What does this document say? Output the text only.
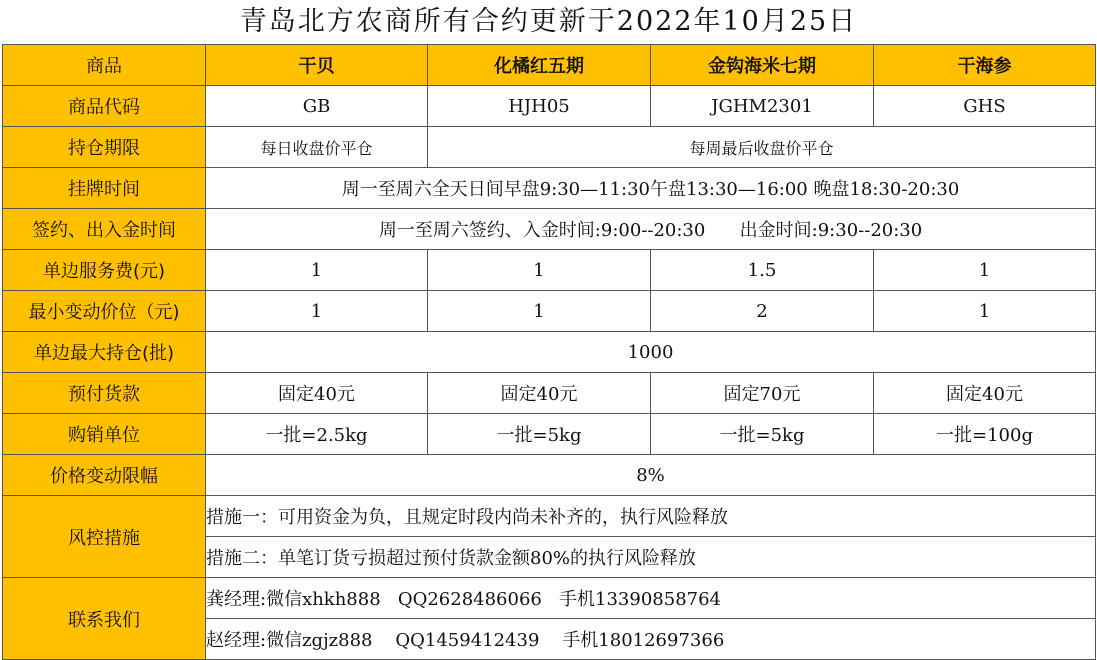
青岛北方农商所有合约更新于2022年10月25日
商品	干贝	化橘红五期	金钩海米七期	干海参
商品代码	GB	HJH05	JGHM2301	GHS
持仓期限	每日收盘价平仓	每周最后收盘价平仓		
挂牌时间	周一至周六全天日间早盘9:30—11:30午盘13:30—16:00 晚盘18:30-20:30			
签约、出入金时间	周一至周六签约、入金时间:9:00--20:30      出金时间:9:30--20:30			
单边服务费(元)	1	1	1.5	1
最小变动价位（元)	1	1	2	1
单边最大持仓(批)	1000			
预付货款	固定40元	固定40元	固定70元	固定40元
购销单位	一批=2.5kg	一批=5kg	一批=5kg	一批=100g
价格变动限幅	8%			
风控措施	措施一：可用资金为负，且规定时段内尚未补齐的，执行风险释放			
	措施二：单笔订货亏损超过预付货款金额80%的执行风险释放			
联系我们	龚经理:微信xhkh888   QQ2628486066   手机13390858764			
	赵经理:微信zgjz888    QQ1459412439    手机18012697366			
